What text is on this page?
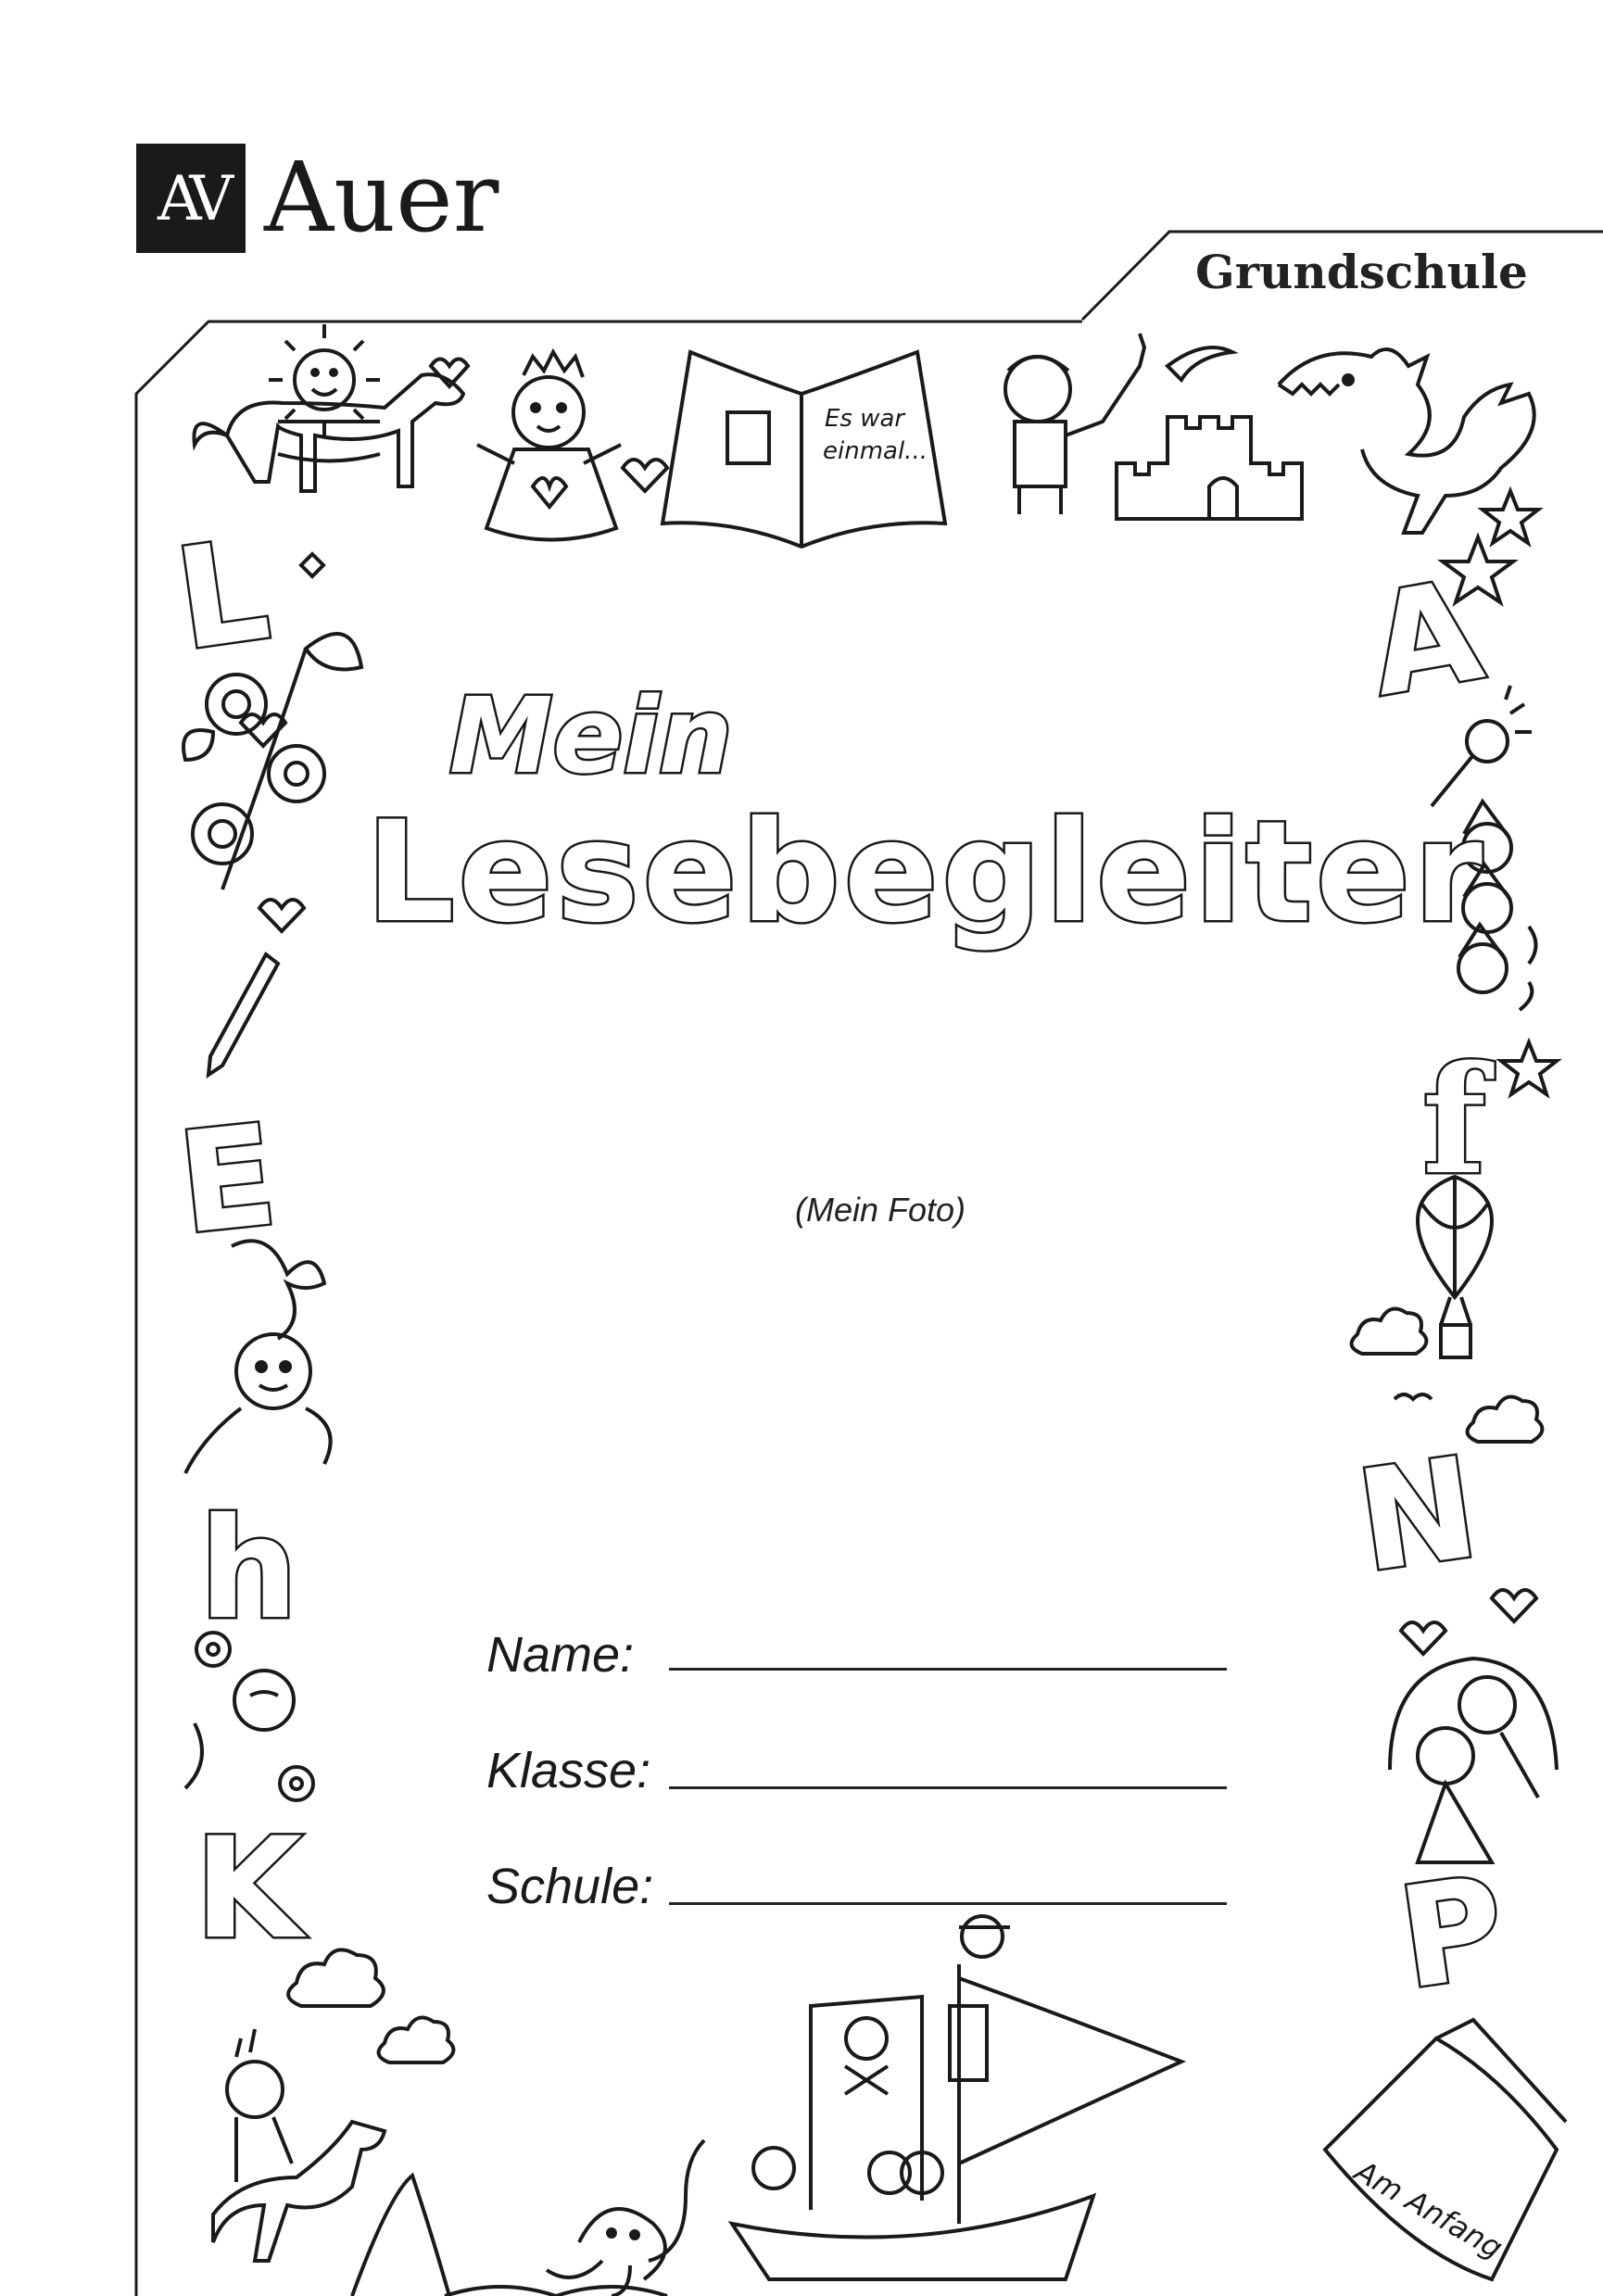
Es war
einmal...
L
E
h
K
A
f
N
P
Am Anfang
AV Auer
Grundschule
Mein
Lesebegleiter
(Mein Foto)
Name:
Klasse:
Schule:
